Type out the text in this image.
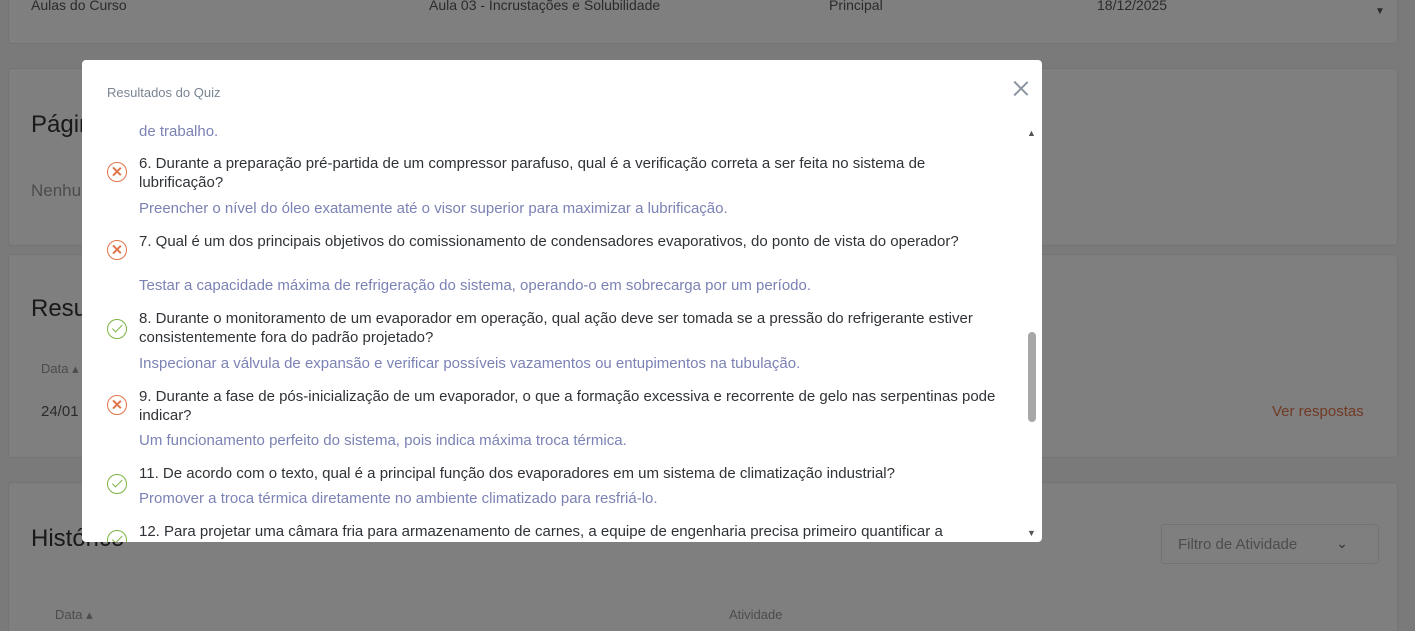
Resultados do Quiz
de trabalho.
6. Durante a preparação pré-partida de um compressor parafuso, qual é a verificação correta a ser feita no sistema de lubrificação?
Preencher o nível do óleo exatamente até o visor superior para maximizar a lubrificação.
7. Qual é um dos principais objetivos do comissionamento de condensadores evaporativos, do ponto de vista do operador?
Testar a capacidade máxima de refrigeração do sistema, operando-o em sobrecarga por um período.
8. Durante o monitoramento de um evaporador em operação, qual ação deve ser tomada se a pressão do refrigerante estiver consistentemente fora do padrão projetado?
Inspecionar a válvula de expansão e verificar possíveis vazamentos ou entupimentos na tubulação.
9. Durante a fase de pós-inicialização de um evaporador, o que a formação excessiva e recorrente de gelo nas serpentinas pode indicar?
Um funcionamento perfeito do sistema, pois indica máxima troca térmica.
11. De acordo com o texto, qual é a principal função dos evaporadores em um sistema de climatização industrial?
Promover a troca térmica diretamente no ambiente climatizado para resfriá-lo.
12. Para projetar uma câmara fria para armazenamento de carnes, a equipe de engenharia precisa primeiro quantificar a
▲
▼
